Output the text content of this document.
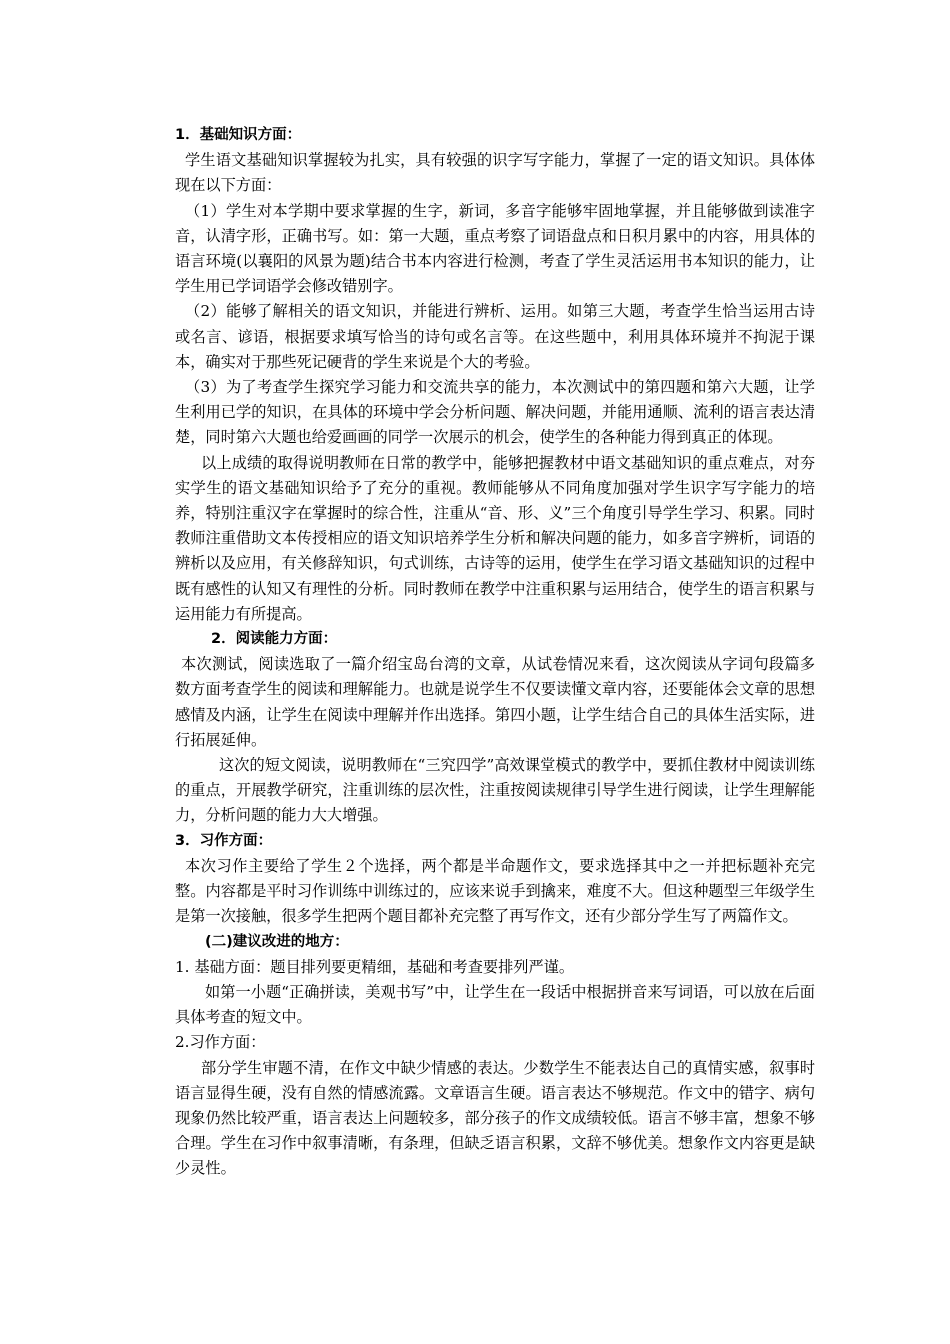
1．基础知识方面：

学生语文基础知识掌握较为扎实，具有较强的识字写字能力，掌握了一定的语文知识。具体体现在以下方面：

（1）学生对本学期中要求掌握的生字，新词，多音字能够牢固地掌握，并且能够做到读准字音，认清字形，正确书写。如：第一大题，重点考察了词语盘点和日积月累中的内容，用具体的语言环境(以襄阳的风景为题)结合书本内容进行检测，考查了学生灵活运用书本知识的能力，让学生用已学词语学会修改错别字。

（2）能够了解相关的语文知识，并能进行辨析、运用。如第三大题，考查学生恰当运用古诗或名言、谚语，根据要求填写恰当的诗句或名言等。在这些题中，利用具体环境并不拘泥于课本，确实对于那些死记硬背的学生来说是个大的考验。

（3）为了考查学生探究学习能力和交流共享的能力，本次测试中的第四题和第六大题，让学生利用已学的知识，在具体的环境中学会分析问题、解决问题，并能用通顺、流利的语言表达清楚，同时第六大题也给爱画画的同学一次展示的机会，使学生的各种能力得到真正的体现。

以上成绩的取得说明教师在日常的教学中，能够把握教材中语文基础知识的重点难点，对夯实学生的语文基础知识给予了充分的重视。教师能够从不同角度加强对学生识字写字能力的培养，特别注重汉字在掌握时的综合性，注重从“音、形、义”三个角度引导学生学习、积累。同时教师注重借助文本传授相应的语文知识培养学生分析和解决问题的能力，如多音字辨析，词语的辨析以及应用，有关修辞知识，句式训练，古诗等的运用，使学生在学习语文基础知识的过程中既有感性的认知又有理性的分析。同时教师在教学中注重积累与运用结合，使学生的语言积累与运用能力有所提高。

2．阅读能力方面：

本次测试，阅读选取了一篇介绍宝岛台湾的文章，从试卷情况来看，这次阅读从字词句段篇多数方面考查学生的阅读和理解能力。也就是说学生不仅要读懂文章内容，还要能体会文章的思想感情及内涵，让学生在阅读中理解并作出选择。第四小题，让学生结合自己的具体生活实际，进行拓展延伸。

这次的短文阅读，说明教师在“三究四学”高效课堂模式的教学中，要抓住教材中阅读训练的重点，开展教学研究，注重训练的层次性，注重按阅读规律引导学生进行阅读，让学生理解能力，分析问题的能力大大增强。

3．习作方面：

本次习作主要给了学生２个选择，两个都是半命题作文，要求选择其中之一并把标题补充完整。内容都是平时习作训练中训练过的，应该来说手到擒来，难度不大。但这种题型三年级学生是第一次接触，很多学生把两个题目都补充完整了再写作文，还有少部分学生写了两篇作文。

(二)建议改进的地方：

1. 基础方面：题目排列要更精细，基础和考查要排列严谨。

如第一小题“正确拼读，美观书写”中，让学生在一段话中根据拼音来写词语，可以放在后面具体考查的短文中。

2.习作方面：

部分学生审题不清，在作文中缺少情感的表达。少数学生不能表达自己的真情实感，叙事时语言显得生硬，没有自然的情感流露。文章语言生硬。语言表达不够规范。作文中的错字、病句现象仍然比较严重，语言表达上问题较多，部分孩子的作文成绩较低。语言不够丰富，想象不够合理。学生在习作中叙事清晰，有条理，但缺乏语言积累，文辞不够优美。想象作文内容更是缺少灵性。
